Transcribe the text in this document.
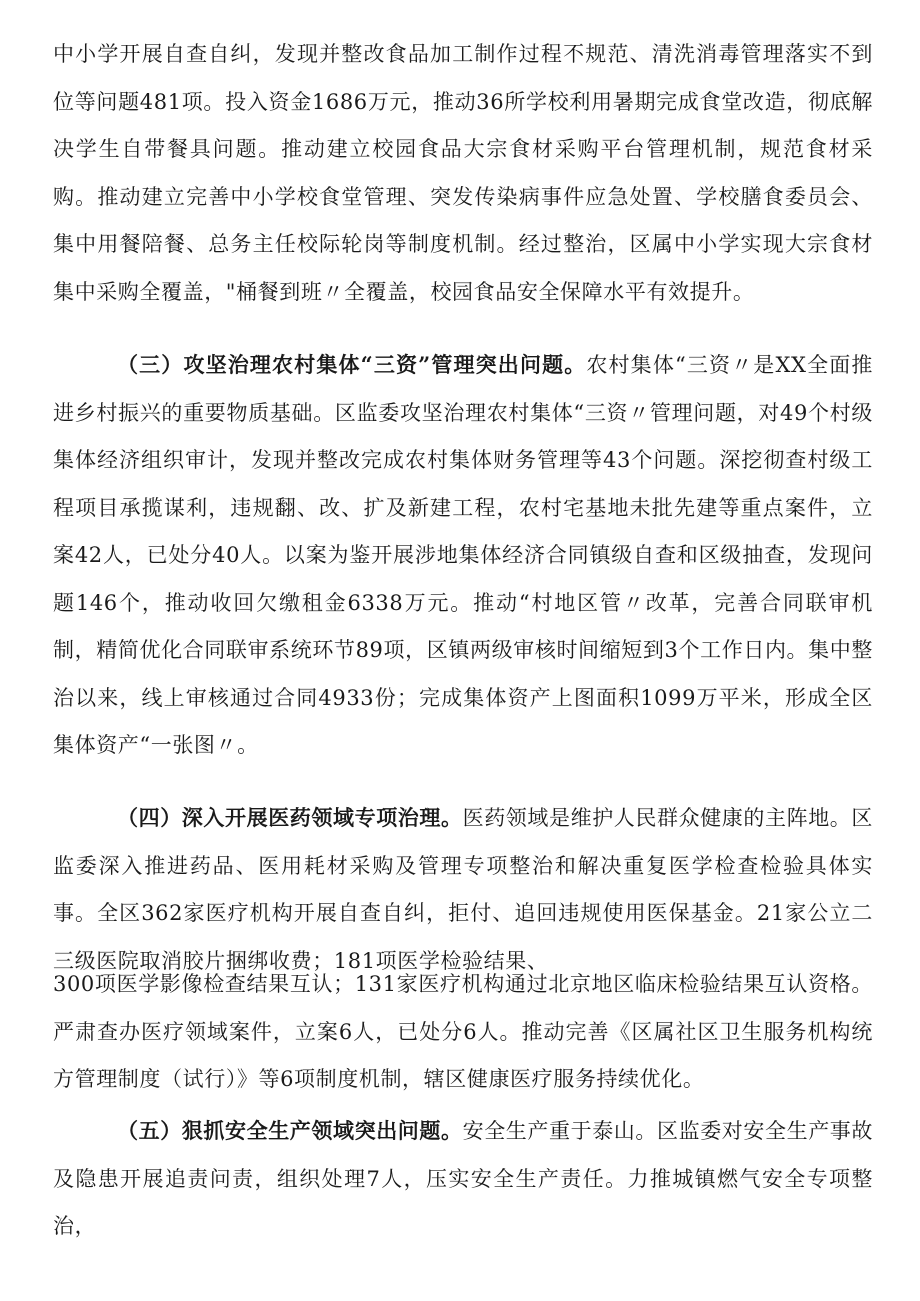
中小学开展自查自纠，发现并整改食品加工制作过程不规范、清洗消毒管理落实不到位等问题481项。投入资金1686万元，推动36所学校利用暑期完成食堂改造，彻底解决学生自带餐具问题。推动建立校园食品大宗食材采购平台管理机制，规范食材采购。推动建立完善中小学校食堂管理、突发传染病事件应急处置、学校膳食委员会、集中用餐陪餐、总务主任校际轮岗等制度机制。经过整治，区属中小学实现大宗食材集中采购全覆盖，"桶餐到班〃全覆盖，校园食品安全保障水平有效提升。

（三）攻坚治理农村集体“三资”管理突出问题。农村集体“三资〃是XX全面推进乡村振兴的重要物质基础。区监委攻坚治理农村集体“三资〃管理问题，对49个村级集体经济组织审计，发现并整改完成农村集体财务管理等43个问题。深挖彻查村级工程项目承揽谋利，违规翻、改、扩及新建工程，农村宅基地未批先建等重点案件，立案42人，已处分40人。以案为鉴开展涉地集体经济合同镇级自查和区级抽查，发现问题146个，推动收回欠缴租金6338万元。推动“村地区管〃改革，完善合同联审机制，精简优化合同联审系统环节89项，区镇两级审核时间缩短到3个工作日内。集中整治以来，线上审核通过合同4933份；完成集体资产上图面积1099万平米，形成全区集体资产“一张图〃。

（四）深入开展医药领域专项治理。医药领域是维护人民群众健康的主阵地。区监委深入推进药品、医用耗材采购及管理专项整治和解决重复医学检查检验具体实事。全区362家医疗机构开展自查自纠，拒付、追回违规使用医保基金。21家公立二三级医院取消胶片捆绑收费；181项医学检验结果、

300项医学影像检查结果互认；131家医疗机构通过北京地区临床检验结果互认资格。严肃查办医疗领域案件，立案6人，已处分6人。推动完善《区属社区卫生服务机构统方管理制度（试行）》等6项制度机制，辖区健康医疗服务持续优化。

（五）狠抓安全生产领域突出问题。安全生产重于泰山。区监委对安全生产事故及隐患开展追责问责，组织处理7人，压实安全生产责任。力推城镇燃气安全专项整治，
